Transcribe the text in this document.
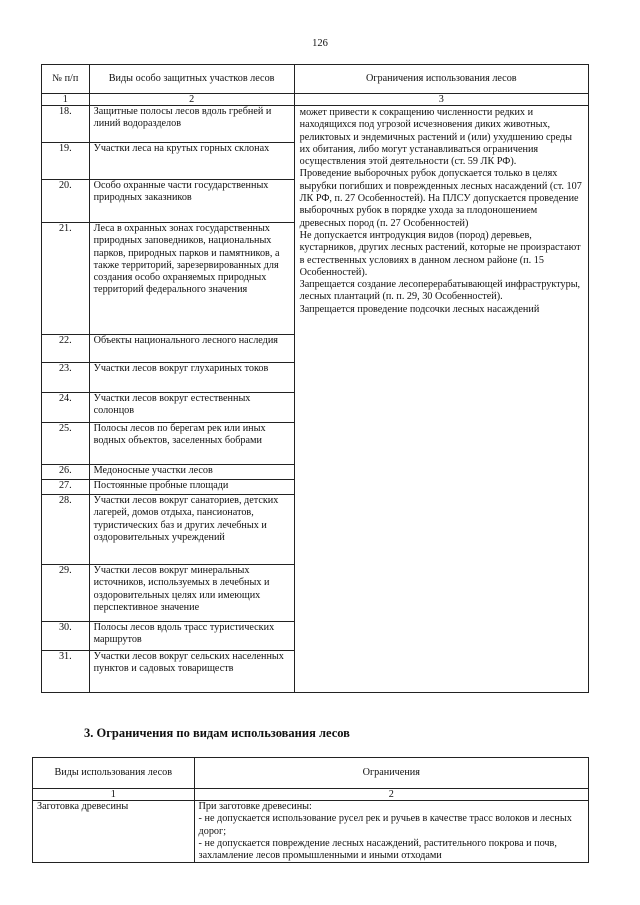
126
№ п/п	Виды особо защитных участков лесов	Ограничения использования лесов
1	2	3
18.	Защитные полосы лесов вдоль гребней и линий водоразделов	может привести к сокращению численности редких и находящихся под угрозой исчезновения диких животных, реликтовых и эндемичных растений и (или) ухудшению среды их обитания, либо могут устанавливаться ограничения осуществления этой деятельности (ст. 59 ЛК РФ).
Проведение выборочных рубок допускается только в целях вырубки погибших и поврежденных лесных насаждений (ст. 107 ЛК РФ, п. 27 Особенностей). На ПЛСУ допускается проведение выборочных рубок в порядке ухода за плодоношением древесных пород (п. 27 Особенностей)
Не допускается интродукция видов (пород) деревьев, кустарников, других лесных растений, которые не произрастают в естественных условиях в данном лесном районе (п. 15 Особенностей).
Запрещается создание лесоперерабатывающей инфраструктуры, лесных плантаций (п. п. 29, 30 Особенностей).
Запрещается проведение подсочки лесных насаждений

19.	Участки леса на крутых горных склонах	
20.	Особо охранные части государственных природных заказников	
21.	Леса в охранных зонах государственных природных заповедников, национальных парков, природных парков и памятников, а также территорий, зарезервированных для создания особо охраняемых природных территорий федерального значения	
22.	Объекты национального лесного наследия	
23.	Участки лесов вокруг глухариных токов	
24.	Участки лесов вокруг естественных солонцов	
25.	Полосы лесов по берегам рек или иных водных объектов, заселенных бобрами	
26.	Медоносные участки лесов	
27.	Постоянные пробные площади	
28.	Участки лесов вокруг санаториев, детских лагерей, домов отдыха, пансионатов, туристических баз и других лечебных и оздоровительных учреждений	
29.	Участки лесов вокруг минеральных источников, используемых в лечебных и оздоровительных целях или имеющих перспективное значение	
30.	Полосы лесов вдоль трасс туристических маршрутов	
31.	Участки лесов вокруг сельских населенных пунктов и садовых товариществ	
3. Ограничения по видам использования лесов
Виды использования лесов	Ограничения
1	2
Заготовка древесины	При заготовке древесины:
- не допускается использование русел рек и ручьев в качестве трасс волоков и лесных дорог;
- не допускается повреждение лесных насаждений, растительного покрова и почв, захламление лесов промышленными и иными отходами
